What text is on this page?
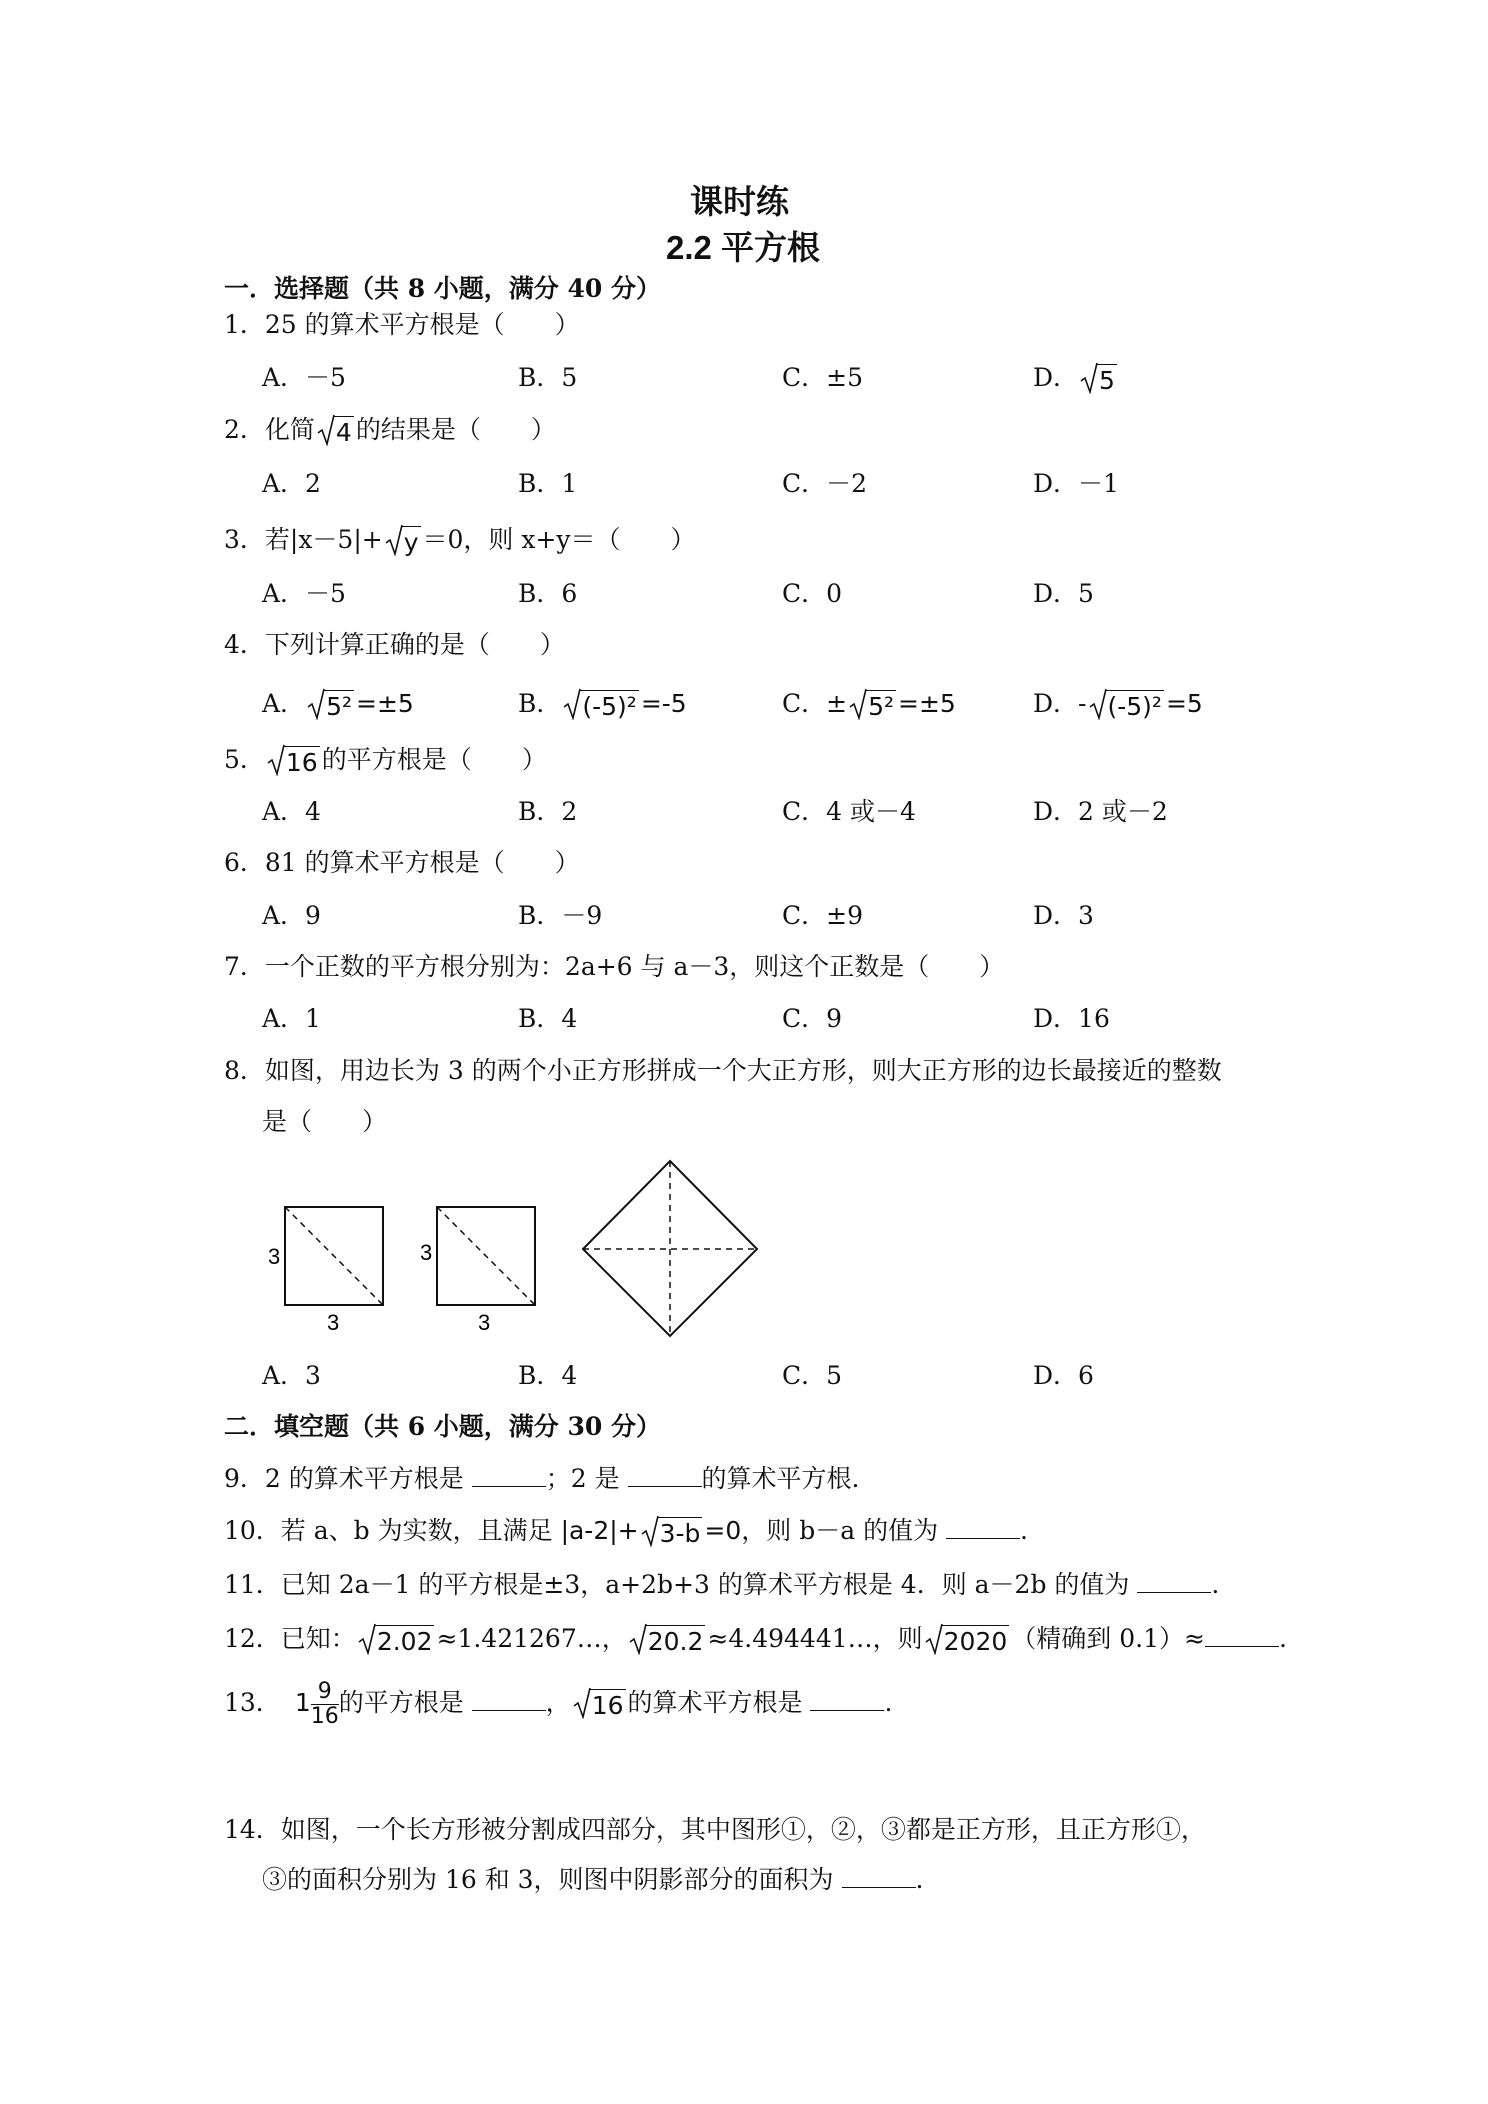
课时练
2.2 平方根
一．选择题（共 8 小题，满分 40 分）
1．25 的算术平方根是（　　）
A．－5	B．5	C．±5	D． 5
2．化简 4 的结果是（　　）
A．2	B．1	C．－2	D．－1
3．若|x－5|+ y ＝0，则 x+y＝（　　）
A．－5	B．6	C．0	D．5
4．下列计算正确的是（　　）
A． 5² =±5	B． (-5)² =-5	C．± 5² =±5	D．- (-5)² =5
5． 16 的平方根是（　　）
A．4	B．2	C．4 或－4	D．2 或－2
6．81 的算术平方根是（　　）
A．9	B．－9	C．±9	D．3
7．一个正数的平方根分别为：2a+6 与 a－3，则这个正数是（　　）
A．1	B．4	C．9	D．16
8．如图，用边长为 3 的两个小正方形拼成一个大正方形，则大正方形的边长最接近的整数
是（　　）
3
3
3
3
A．3	B．4	C．5	D．6
二．填空题（共 6 小题，满分 30 分）
9．2 的算术平方根是	；2 是	的算术平方根.
10．若 a、b 为实数，且满足 |a-2|+ 3-b =0，则 b－a 的值为	.
11．已知 2a－1 的平方根是±3，a+2b+3 的算术平方根是 4．则 a－2b 的值为	.
12．已知： 2.02 ≈1.421267…， 20.2 ≈4.494441…，则 2020 （精确到 0.1）≈	.
13． $1 \frac{9}{16}$ 的平方根是	， 16 的算术平方根是	.
14．如图，一个长方形被分割成四部分，其中图形①，②，③都是正方形，且正方形①，
③的面积分别为 16 和 3，则图中阴影部分的面积为	.
